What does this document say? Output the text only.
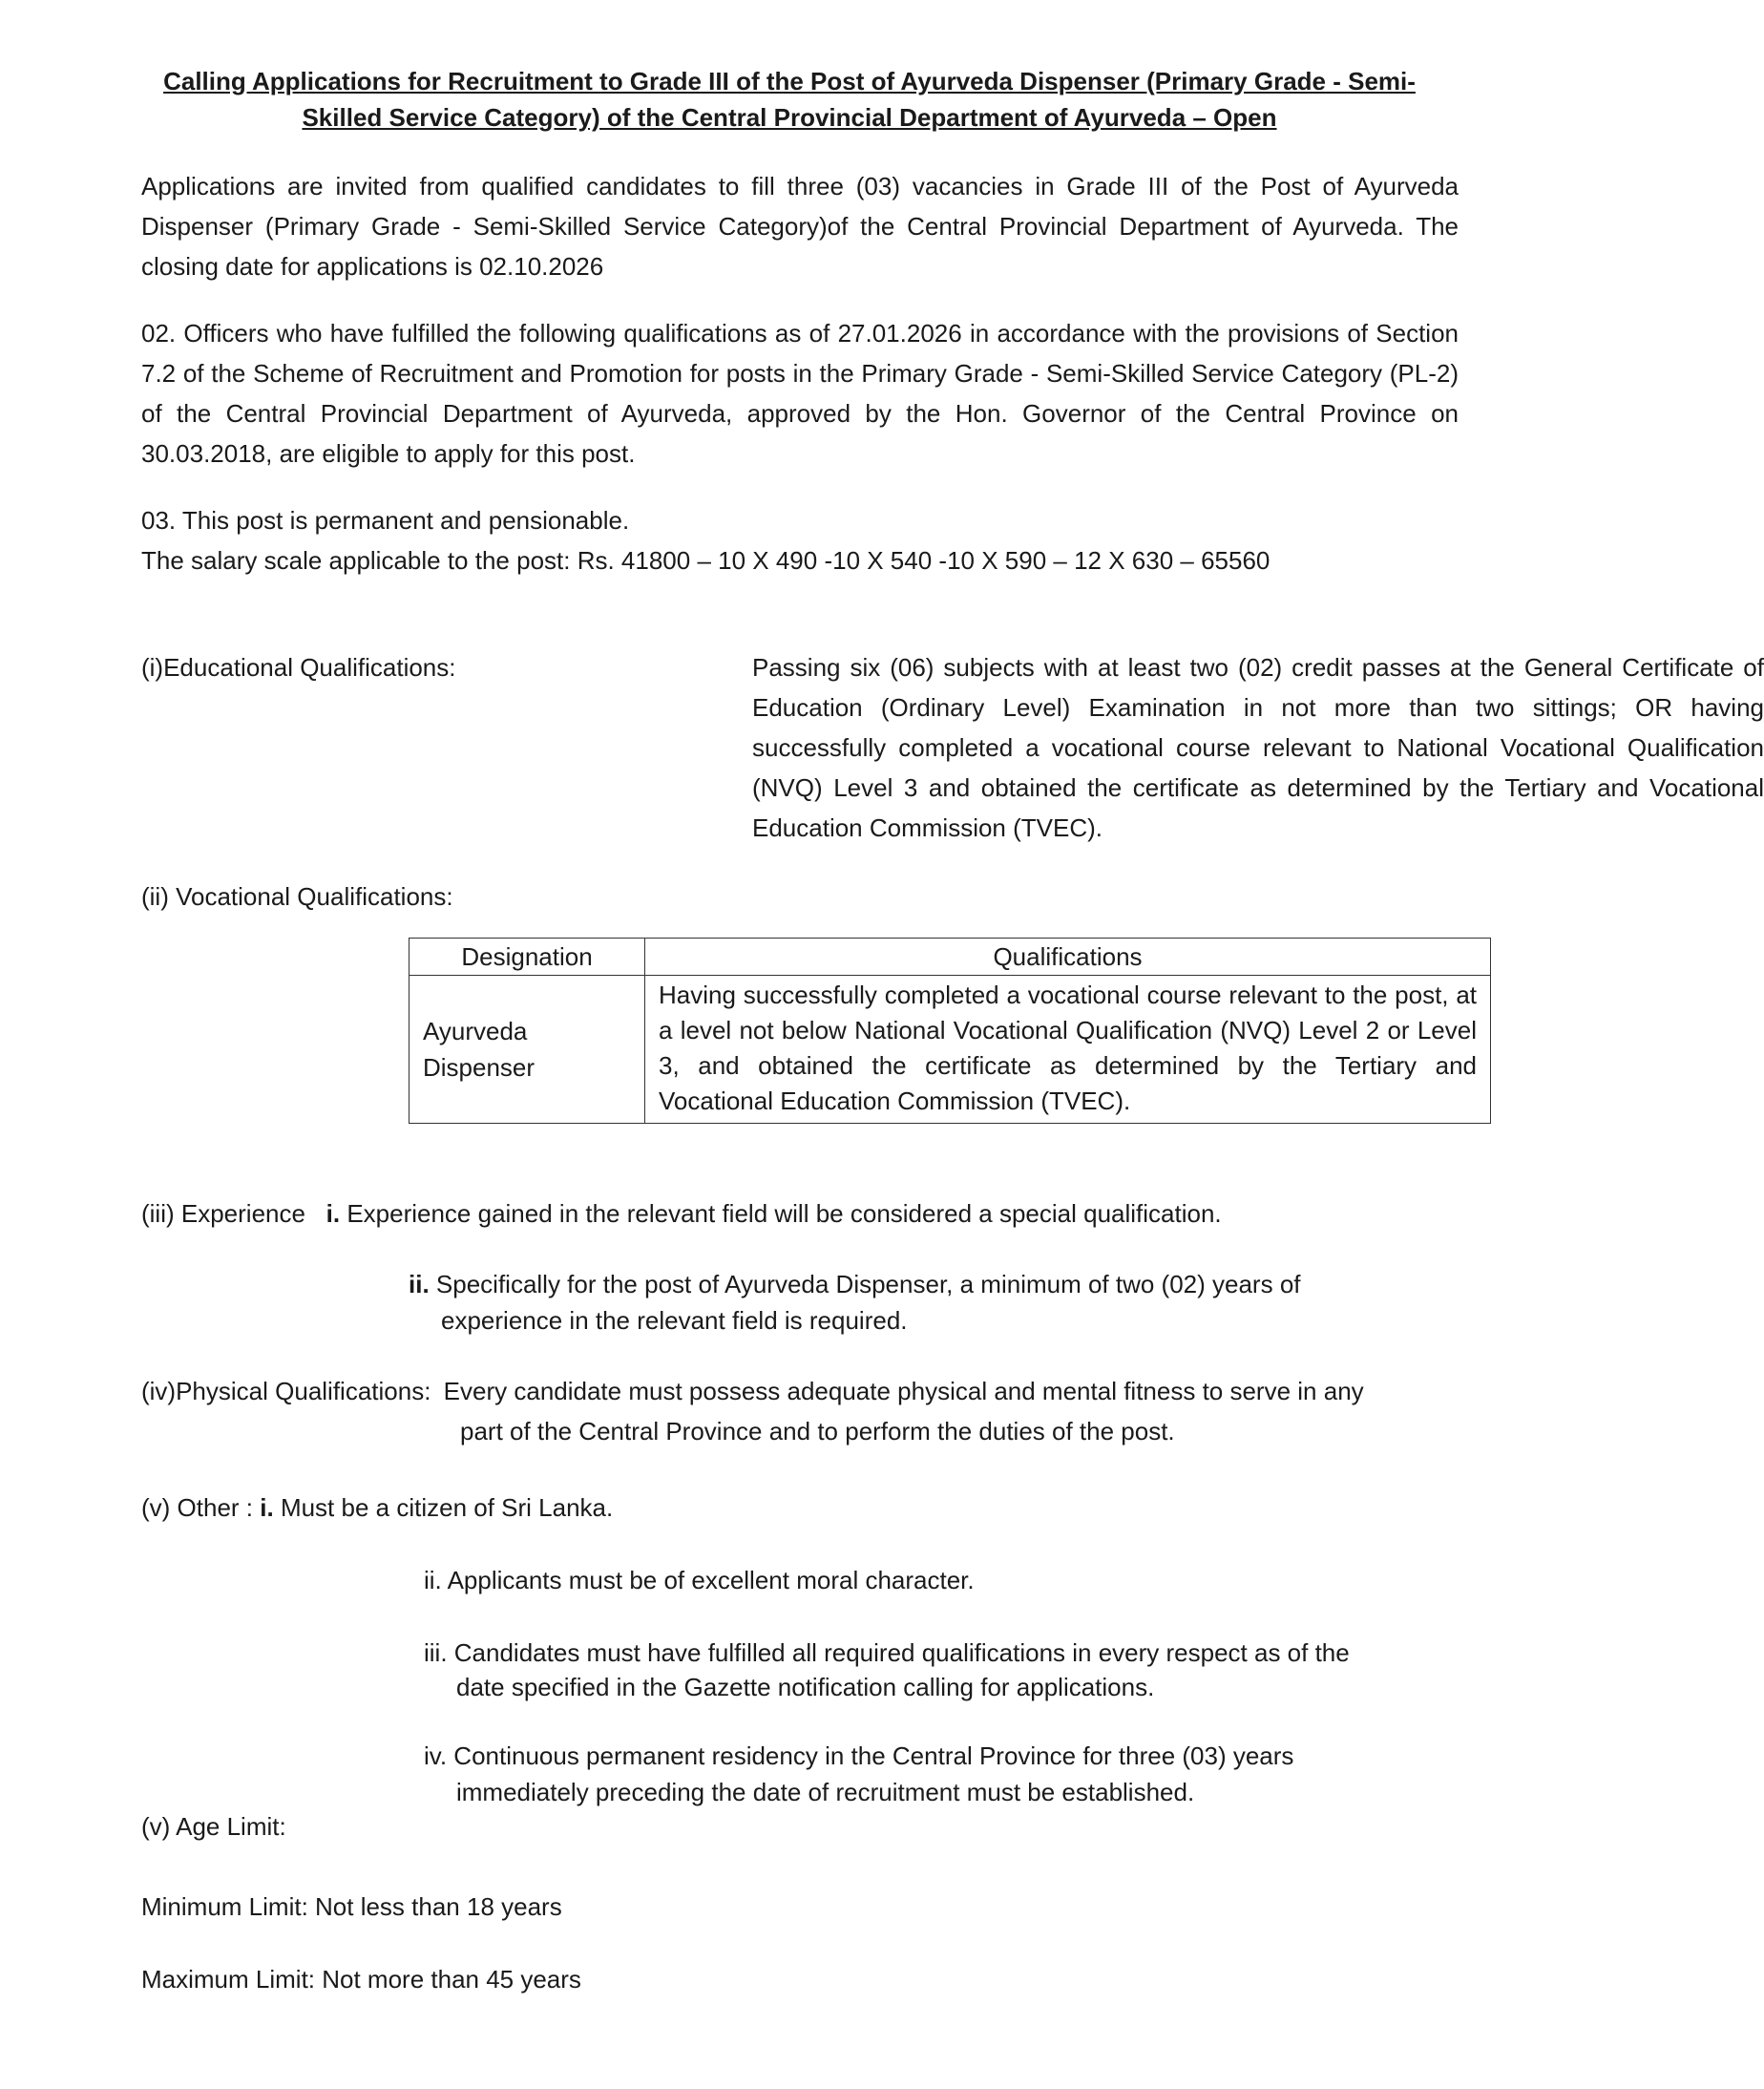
Calling Applications for Recruitment to Grade III of the Post of Ayurveda Dispenser (Primary Grade - Semi-Skilled Service Category) of the Central Provincial Department of Ayurveda – Open
Applications are invited from qualified candidates to fill three (03) vacancies in Grade III of the Post of Ayurveda Dispenser (Primary Grade - Semi-Skilled Service Category)of the Central Provincial Department of Ayurveda. The closing date for applications is 02.10.2026
02. Officers who have fulfilled the following qualifications as of 27.01.2026 in accordance with the provisions of Section 7.2 of the Scheme of Recruitment and Promotion for posts in the Primary Grade - Semi-Skilled Service Category (PL-2) of the Central Provincial Department of Ayurveda, approved by the Hon. Governor of the Central Province on 30.03.2018, are eligible to apply for this post.
03. This post is permanent and pensionable.
The salary scale applicable to the post: Rs. 41800 – 10 X 490 -10 X 540 -10 X 590 – 12 X 630 – 65560
(i)Educational Qualifications:	Passing six (06) subjects with at least two (02) credit passes at the General Certificate of Education (Ordinary Level) Examination in not more than two sittings; OR having successfully completed a vocational course relevant to National Vocational Qualification (NVQ) Level 3 and obtained the certificate as determined by the Tertiary and Vocational Education Commission (TVEC).
(ii) Vocational Qualifications:
Designation	Qualifications
Ayurveda Dispenser	Having successfully completed a vocational course relevant to the post, at a level not below National Vocational Qualification (NVQ) Level 2 or Level 3, and obtained the certificate as determined by the Tertiary and Vocational Education Commission (TVEC).
(iii) Experience i. Experience gained in the relevant field will be considered a special qualification.
ii. Specifically for the post of Ayurveda Dispenser, a minimum of two (02) years of
experience in the relevant field is required.
(iv)Physical Qualifications: Every candidate must possess adequate physical and mental fitness to serve in any
part of the Central Province and to perform the duties of the post.
(v) Other : i. Must be a citizen of Sri Lanka.
ii. Applicants must be of excellent moral character.
iii. Candidates must have fulfilled all required qualifications in every respect as of the
date specified in the Gazette notification calling for applications.
iv. Continuous permanent residency in the Central Province for three (03) years
immediately preceding the date of recruitment must be established.
(v) Age Limit:
Minimum Limit: Not less than 18 years
Maximum Limit: Not more than 45 years
